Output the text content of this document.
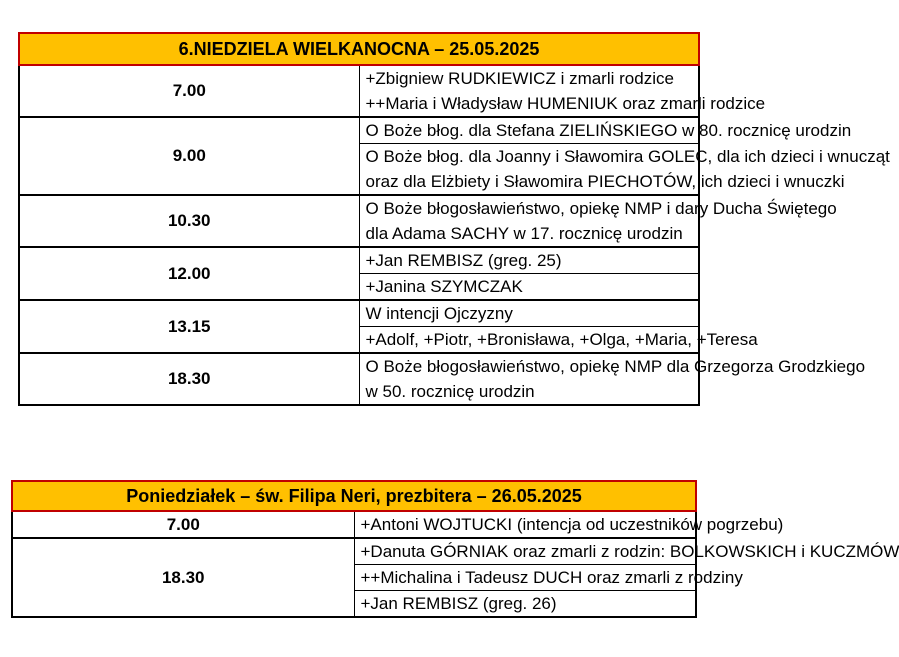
6.NIEDZIELA WIELKANOCNA – 25.05.2025	
7.00	+Zbigniew RUDKIEWICZ i zmarli rodzice
++Maria i Władysław HUMENIUK oraz zmarli rodzice

9.00	O Boże błog. dla Stefana ZIELIŃSKIEGO w 80. rocznicę urodzin

	O Boże błog. dla Joanny i Sławomira GOLEC, dla ich dzieci i wnucząt
oraz dla Elżbiety i Sławomira PIECHOTÓW, ich dzieci i wnuczki

10.30	O Boże błogosławieństwo, opiekę NMP i dary Ducha Świętego
dla Adama SACHY w 17. rocznicę urodzin

12.00	+Jan REMBISZ (greg. 25)

	+Janina SZYMCZAK

13.15	W intencji Ojczyzny

	+Adolf, +Piotr, +Bronisława, +Olga, +Maria, +Teresa

18.30	O Boże błogosławieństwo, opiekę NMP dla Grzegorza Grodzkiego
w 50. rocznicę urodzin
Poniedziałek – św. Filipa Neri, prezbitera – 26.05.2025	
7.00	+Antoni WOJTUCKI (intencja od uczestników pogrzebu)

18.30	+Danuta GÓRNIAK oraz zmarli z rodzin: BOLKOWSKICH i KUCZMÓW

	++Michalina i Tadeusz DUCH oraz zmarli z rodziny

	+Jan REMBISZ (greg. 26)
